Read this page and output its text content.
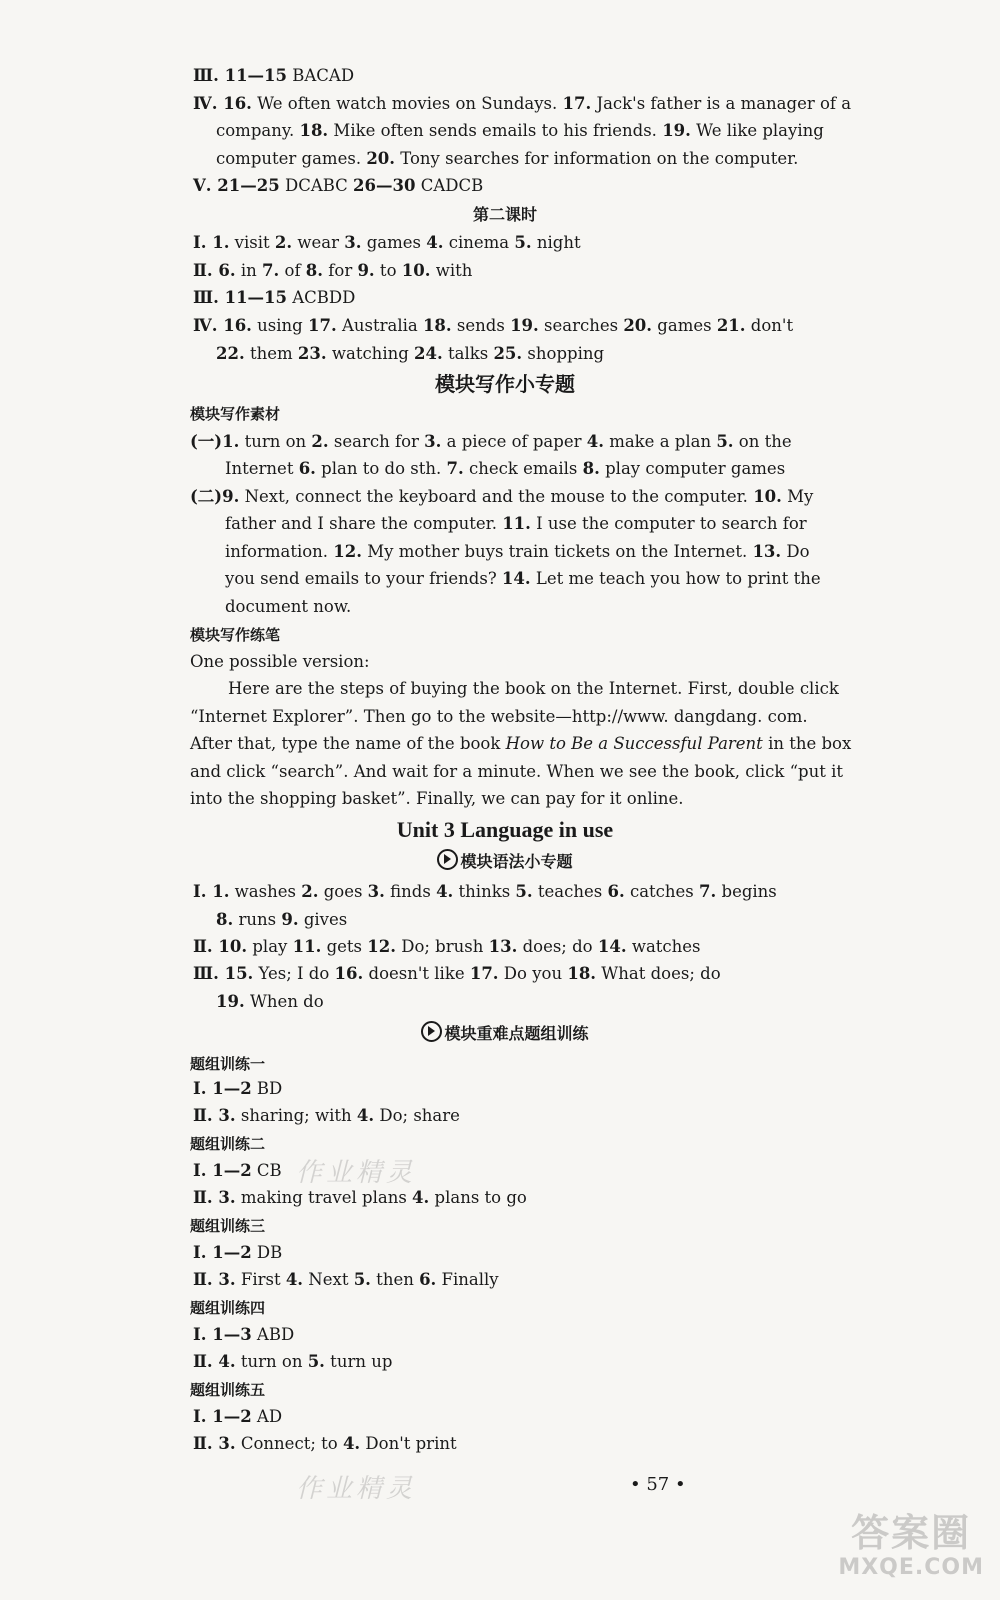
Ⅲ. 11—15 BACAD
Ⅳ. 16. We often watch movies on Sundays. 17. Jack's father is a manager of a
company. 18. Mike often sends emails to his friends. 19. We like playing
computer games. 20. Tony searches for information on the computer.
Ⅴ. 21—25 DCABC 26—30 CADCB
第二课时
Ⅰ. 1. visit 2. wear 3. games 4. cinema 5. night
Ⅱ. 6. in 7. of 8. for 9. to 10. with
Ⅲ. 11—15 ACBDD
Ⅳ. 16. using 17. Australia 18. sends 19. searches 20. games 21. don't
22. them 23. watching 24. talks 25. shopping
模块写作小专题
模块写作素材
(一)1. turn on 2. search for 3. a piece of paper 4. make a plan 5. on the
Internet 6. plan to do sth. 7. check emails 8. play computer games
(二)9. Next, connect the keyboard and the mouse to the computer. 10. My
father and I share the computer. 11. I use the computer to search for
information. 12. My mother buys train tickets on the Internet. 13. Do
you send emails to your friends? 14. Let me teach you how to print the
document now.
模块写作练笔
One possible version:
Here are the steps of buying the book on the Internet. First, double click
“Internet Explorer”. Then go to the website—http://www. dangdang. com.
After that, type the name of the book How to Be a Successful Parent in the box
and click “search”. And wait for a minute. When we see the book, click “put it
into the shopping basket”. Finally, we can pay for it online.
Unit 3 Language in use
模块语法小专题
Ⅰ. 1. washes 2. goes 3. finds 4. thinks 5. teaches 6. catches 7. begins
8. runs 9. gives
Ⅱ. 10. play 11. gets 12. Do; brush 13. does; do 14. watches
Ⅲ. 15. Yes; I do 16. doesn't like 17. Do you 18. What does; do
19. When do
模块重难点题组训练
题组训练一
Ⅰ. 1—2 BD
Ⅱ. 3. sharing; with 4. Do; share
题组训练二
Ⅰ. 1—2 CB
Ⅱ. 3. making travel plans 4. plans to go
题组训练三
Ⅰ. 1—2 DB
Ⅱ. 3. First 4. Next 5. then 6. Finally
题组训练四
Ⅰ. 1—3 ABD
Ⅱ. 4. turn on 5. turn up
题组训练五
Ⅰ. 1—2 AD
Ⅱ. 3. Connect; to 4. Don't print
作业精灵
作业精灵	• 57 •
答案圈
MXQE.COM
